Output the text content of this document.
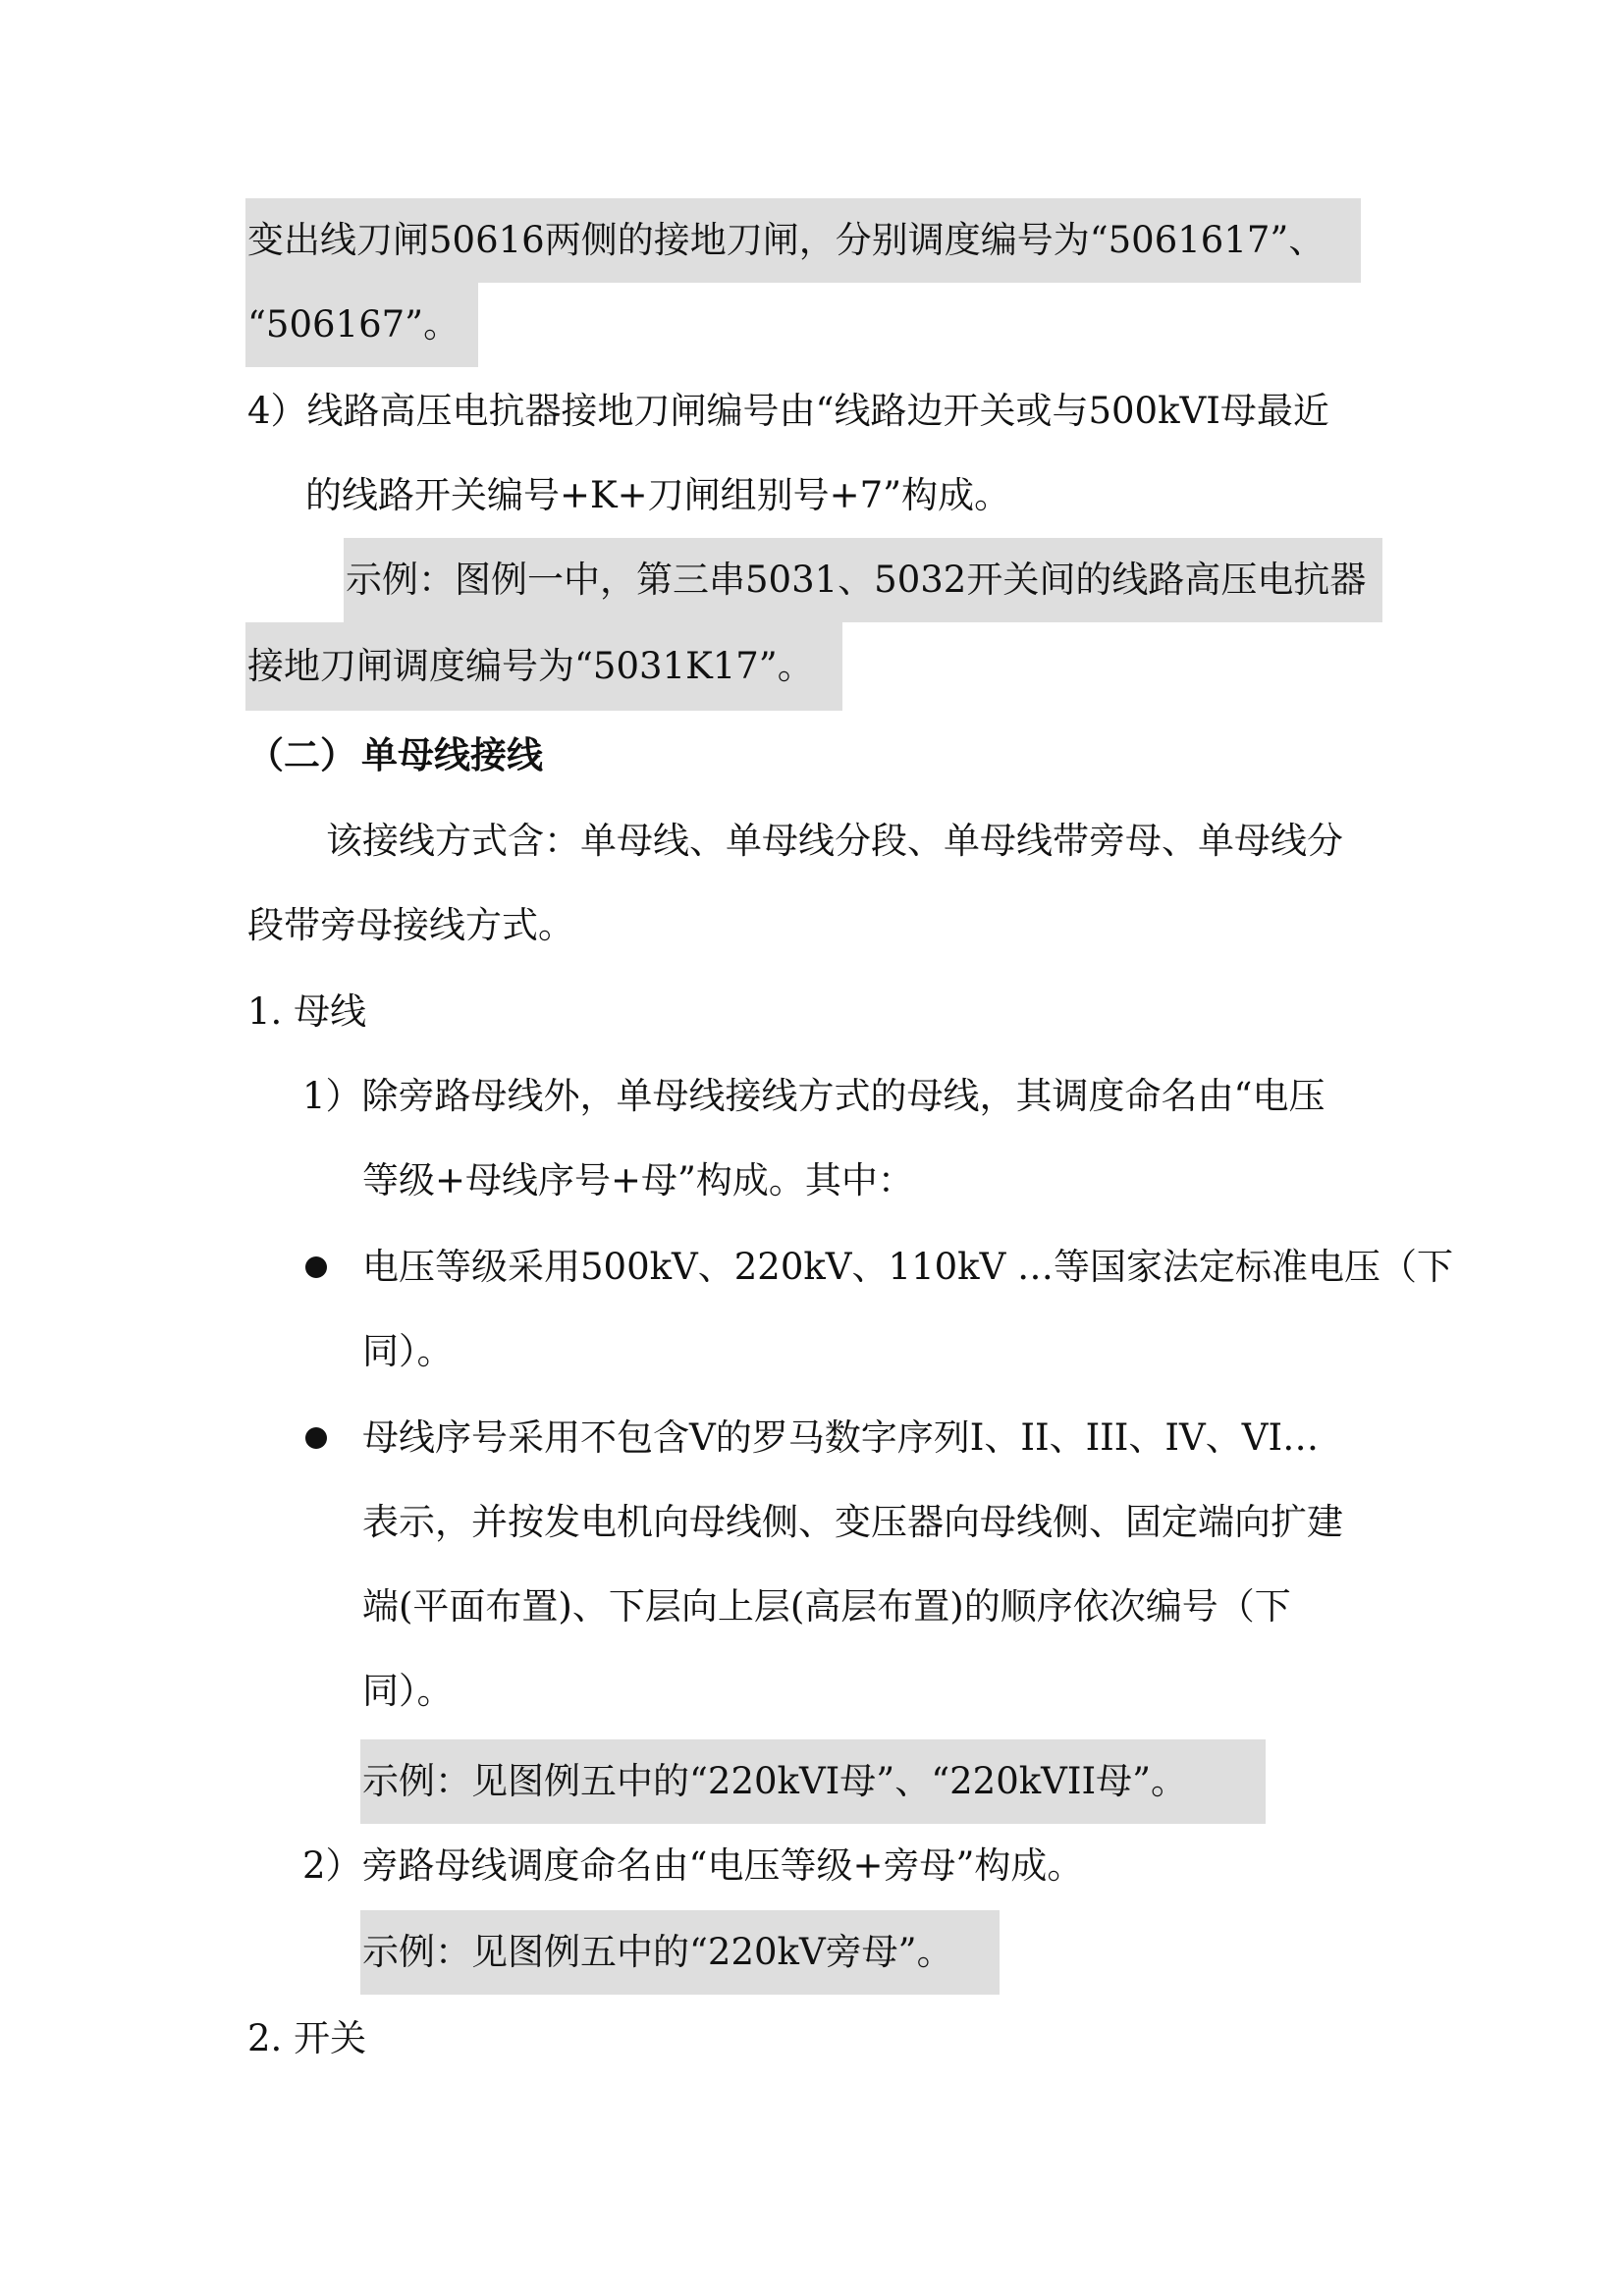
变出线刀闸50616两侧的接地刀闸，分别调度编号为“5061617”、
“506167”。
4）线路高压电抗器接地刀闸编号由“线路边开关或与500kVI母最近
的线路开关编号+K+刀闸组别号+7”构成。
示例：图例一中，第三串5031、5032开关间的线路高压电抗器
接地刀闸调度编号为“5031K17”。
（二） 单母线接线
该接线方式含：单母线、单母线分段、单母线带旁母、单母线分
段带旁母接线方式。
1. 母线
1）除旁路母线外，单母线接线方式的母线，其调度命名由“电压
等级+母线序号+母”构成。其中：
电压等级采用500kV、220kV、110kV …等国家法定标准电压（下
同）。
母线序号采用不包含V的罗马数字序列I、II、III、IV、VI…
表示，并按发电机向母线侧、变压器向母线侧、固定端向扩建
端(平面布置)、下层向上层(高层布置)的顺序依次编号（下
同）。
示例：见图例五中的“220kVI母”、“220kVII母”。
2）旁路母线调度命名由“电压等级+旁母”构成。
示例：见图例五中的“220kV旁母”。
2. 开关
